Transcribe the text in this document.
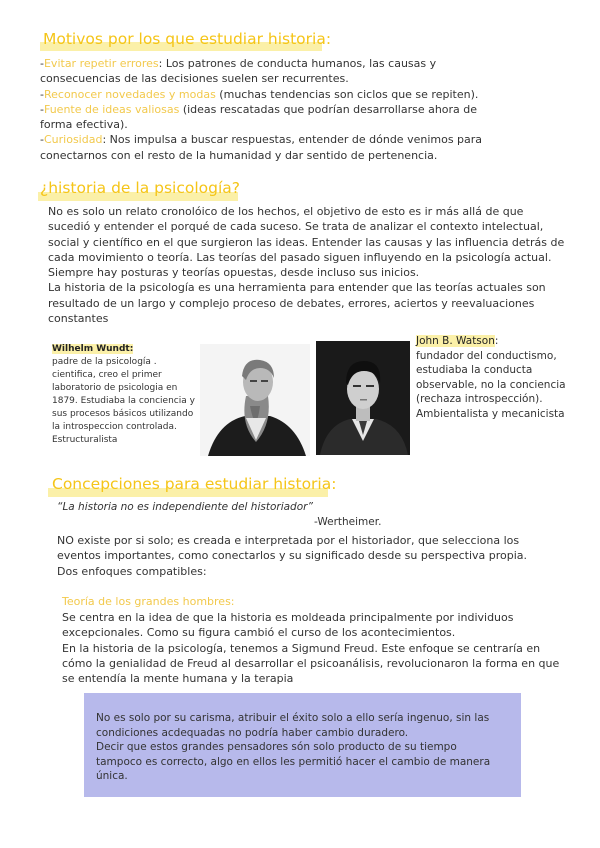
Motivos por los que estudiar historia:
-Evitar repetir errores: Los patrones de conducta humanos, las causas y
consecuencias de las decisiones suelen ser recurrentes.
-Reconocer novedades y modas (muchas tendencias son ciclos que se repiten).
-Fuente de ideas valiosas (ideas rescatadas que podrían desarrollarse ahora de
forma efectiva).
-Curiosidad: Nos impulsa a buscar respuestas, entender de dónde venimos para
conectarnos con el resto de la humanidad y dar sentido de pertenencia.
¿historia de la psicología?
No es solo un relato cronolóico de los hechos, el objetivo de esto es ir más allá de que
sucedió y entender el porqué de cada suceso. Se trata de analizar el contexto intelectual,
social y científico en el que surgieron las ideas. Entender las causas y las influencia detrás de
cada movimiento o teoría. Las teorías del pasado siguen influyendo en la psicología actual.
Siempre hay posturas y teorías opuestas, desde incluso sus inicios.
La historia de la psicología es una herramienta para entender que las teorías actuales son
resultado de un largo y complejo proceso de debates, errores, aciertos y reevaluaciones
constantes
Wilhelm Wundt:
padre de la psicología .
cientifica, creo el primer
laboratorio de psicologia en
1879. Estudiaba la conciencia y
sus procesos básicos utilizando
la introspeccion controlada.
Estructuralista
John B. Watson:
fundador del conductismo,
estudiaba la conducta
observable, no la conciencia
(rechaza introspección).
Ambientalista y mecanicista
Concepciones para estudiar historia:
“La historia no es independiente del historiador”
-Wertheimer.
NO existe por si solo; es creada e interpretada por el historiador, que selecciona los
eventos importantes, como conectarlos y su significado desde su perspectiva propia.
Dos enfoques compatibles:
Teoría de los grandes hombres:
Se centra en la idea de que la historia es moldeada principalmente por individuos
excepcionales. Como su figura cambió el curso de los acontecimientos.
En la historia de la psicología, tenemos a Sigmund Freud. Este enfoque se centraría en
cómo la genialidad de Freud al desarrollar el psicoanálisis, revolucionaron la forma en que
se entendía la mente humana y la terapia
No es solo por su carisma, atribuir el éxito solo a ello sería ingenuo, sin las
condiciones acdequadas no podría haber cambio duradero.
Decir que estos grandes pensadores són solo producto de su tiempo
tampoco es correcto, algo en ellos les permitió hacer el cambio de manera
única.
